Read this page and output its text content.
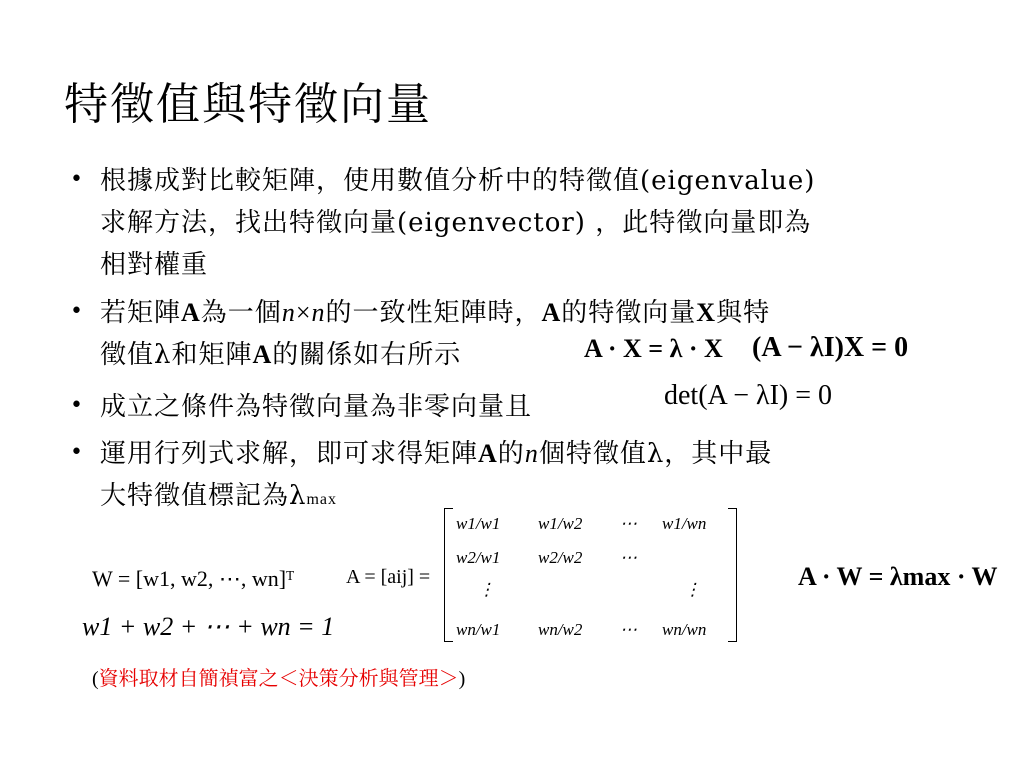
特徵值與特徵向量
• 根據成對比較矩陣，使用數值分析中的特徵值(eigenvalue)
求解方法，找出特徵向量(eigenvector) ，此特徵向量即為
相對權重
• 若矩陣A為一個n×n的一致性矩陣時，A的特徵向量X與特
徵值λ和矩陣A的關係如右所示	A · X = λ · X (A − λI)X = 0
• 成立之條件為特徵向量為非零向量且	det(A − λI) = 0
• 運用行列式求解，即可求得矩陣A的n個特徵值λ，其中最
大特徵值標記為λmax
W = [w1, w2, ⋯, wn]ᵀ
w1 + w2 + ⋯ + wn = 1
A = [aij] =
w1/w1 w1/w2 ⋯ w1/wn
w2/w1 w2/w2 ⋯
⋮	⋮
wn/w1 wn/w2 ⋯ wn/wn
A · W = λmax · W
(資料取材自簡禎富之＜決策分析與管理＞)
